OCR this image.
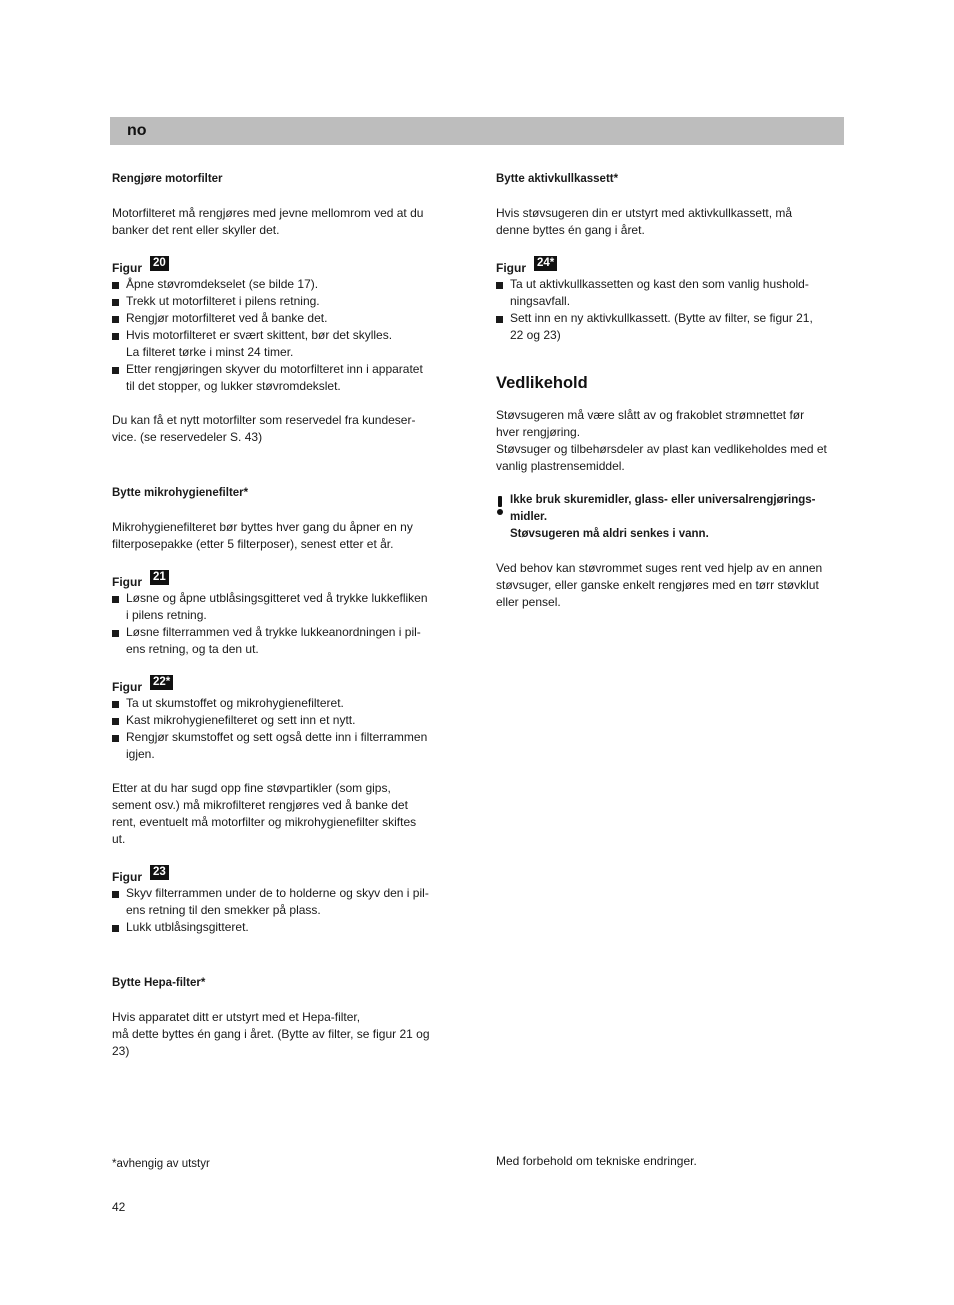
no

Rengjøre motorfilter

Motorfilteret må rengjøres med jevne mellomrom ved at du
banker det rent eller skyller det.

Figur 20
Åpne støvromdekselet (se bilde 17).
Trekk ut motorfilteret i pilens retning.
Rengjør motorfilteret ved å banke det.
Hvis motorfilteret er svært skittent, bør det skylles.
La filteret tørke i minst 24 timer.
Etter rengjøringen skyver du motorfilteret inn i apparatet
til det stopper, og lukker støvromdekslet.

Du kan få et nytt motorfilter som reservedel fra kundeser-
vice. (se reservedeler S. 43)

Bytte mikrohygienefilter*

Mikrohygienefilteret bør byttes hver gang du åpner en ny
filterposepakke (etter 5 filterposer), senest etter et år.

Figur 21
Løsne og åpne utblåsingsgitteret ved å trykke lukkefliken
i pilens retning.
Løsne filterrammen ved å trykke lukkeanordningen i pil-
ens retning, og ta den ut.
Figur 22*
Ta ut skumstoffet og mikrohygienefilteret.
Kast mikrohygienefilteret og sett inn et nytt.
Rengjør skumstoffet og sett også dette inn i filterrammen
igjen.

Etter at du har sugd opp fine støvpartikler (som gips,
sement osv.) må mikrofilteret rengjøres ved å banke det
rent, eventuelt må motorfilter og mikrohygienefilter skiftes
ut.

Figur 23
Skyv filterrammen under de to holderne og skyv den i pil-
ens retning til den smekker på plass.
Lukk utblåsingsgitteret.

Bytte Hepa-filter*

Hvis apparatet ditt er utstyrt med et Hepa-filter,
må dette byttes én gang i året. (Bytte av filter, se figur 21 og
23)

Bytte aktivkullkassett*

Hvis støvsugeren din er utstyrt med aktivkullkassett, må
denne byttes én gang i året.

Figur 24*
Ta ut aktivkullkassetten og kast den som vanlig hushold-
ningsavfall.
Sett inn en ny aktivkullkassett. (Bytte av filter, se figur 21,
22 og 23)
Vedlikehold

Støvsugeren må være slått av og frakoblet strømnettet før
hver rengjøring.
Støvsuger og tilbehørsdeler av plast kan vedlikeholdes med et
vanlig plastrensemiddel.

Ikke bruk skuremidler, glass- eller universalrengjørings-
midler.
Støvsugeren må aldri senkes i vann.

Ved behov kan støvrommet suges rent ved hjelp av en annen
støvsuger, eller ganske enkelt rengjøres med en tørr støvklut
eller pensel.

*avhengig av utstyr	Med forbehold om tekniske endringer.
42
